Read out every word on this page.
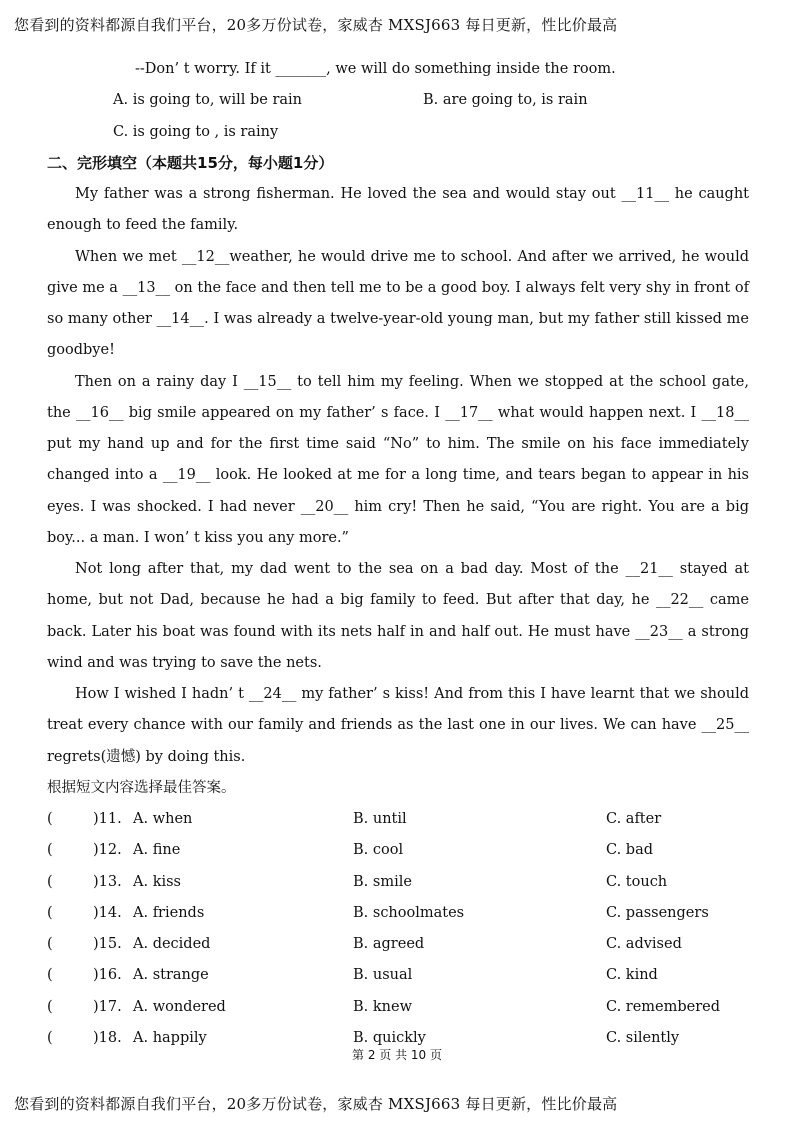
您看到的资料都源自我们平台，20多万份试卷，家威杏 MXSJ663 每日更新，性比价最高
--Don’ t worry. If it _______, we will do something inside the room.
A. is going to, will be rain	B. are going to, is rain
C. is going to , is rainy
二、完形填空（本题共15分，每小题1分）

My father was a strong fisherman. He loved the sea and would stay out __11__ he caught enough to feed the family.

When we met __12__weather, he would drive me to school. And after we arrived, he would give me a __13__ on the face and then tell me to be a good boy. I always felt very shy in front of so many other __14__. I was already a twelve-year-old young man, but my father still kissed me goodbye!

Then on a rainy day I __15__ to tell him my feeling. When we stopped at the school gate, the __16__ big smile appeared on my father’ s face. I __17__ what would happen next. I __18__ put my hand up and for the first time said “No” to him. The smile on his face immediately changed into a __19__ look. He looked at me for a long time, and tears began to appear in his eyes. I was shocked. I had never __20__ him cry! Then he said, “You are right. You are a big boy... a man. I won’ t kiss you any more.”

Not long after that, my dad went to the sea on a bad day. Most of the __21__ stayed at home, but not Dad, because he had a big family to feed. But after that day, he __22__ came back. Later his boat was found with its nets half in and half out. He must have __23__ a strong wind and was trying to save the nets.

How I wished I hadn’ t __24__ my father’ s kiss! And from this I have learnt that we should treat every chance with our family and friends as the last one in our lives. We can have __25__ regrets(遗憾) by doing this.

根据短文内容选择最佳答案。
(	)11. A. when	B. until	C. after
(	)12. A. fine	B. cool	C. bad
(	)13. A. kiss	B. smile	C. touch
(	)14. A. friends	B. schoolmates	C. passengers
(	)15. A. decided	B. agreed	C. advised
(	)16. A. strange	B. usual	C. kind
(	)17. A. wondered	B. knew	C. remembered
(	)18. A. happily	B. quickly	C. silently
第 2 页 共 10 页
您看到的资料都源自我们平台，20多万份试卷，家威杏 MXSJ663 每日更新，性比价最高
